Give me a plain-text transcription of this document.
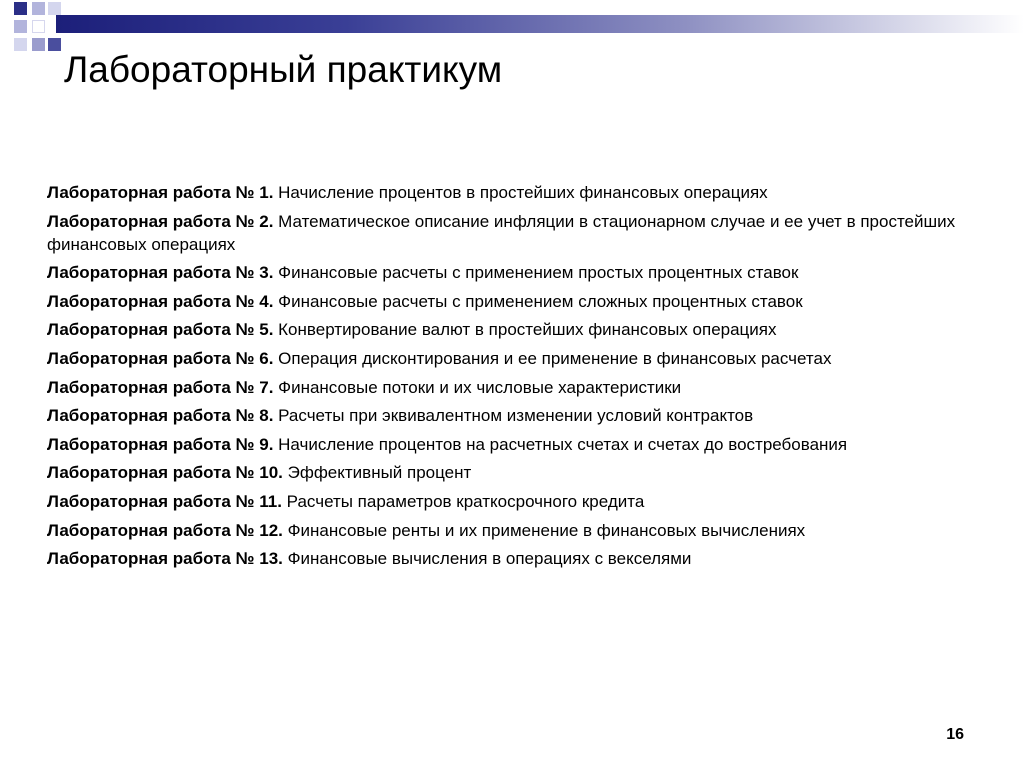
Лабораторный практикум
Лабораторная работа № 1. Начисление процентов в простейших финансовых операциях
Лабораторная работа № 2. Математическое описание инфляции в стационарном случае и ее учет в простейших финансовых операциях
Лабораторная работа № 3. Финансовые расчеты с применением простых процентных ставок
Лабораторная работа № 4. Финансовые расчеты с применением сложных процентных ставок
Лабораторная работа № 5. Конвертирование валют в простейших финансовых операциях
Лабораторная работа № 6. Операция дисконтирования и ее применение в финансовых расчетах
Лабораторная работа № 7. Финансовые потоки и их числовые характеристики
Лабораторная работа № 8. Расчеты при эквивалентном изменении условий контрактов
Лабораторная работа № 9. Начисление процентов на расчетных счетах и счетах до востребования
Лабораторная работа № 10. Эффективный процент
Лабораторная работа № 11. Расчеты параметров краткосрочного кредита
Лабораторная работа № 12. Финансовые ренты и их применение в финансовых вычислениях
Лабораторная работа № 13. Финансовые вычисления в операциях с векселями
16
